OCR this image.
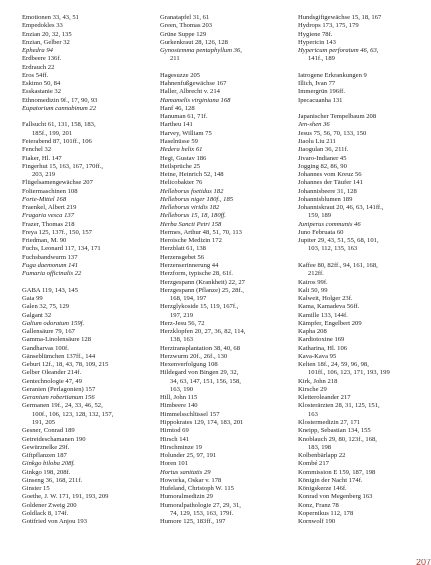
Emotionen 33, 43, 51
Empedokles 33
Enzian 20, 32, 135
Enzian, Gelber 32
Ephedra 94
Erdbeere 136f.
Erdrauch 22
Eros 54ff.
Eskimo 50, 84
Esskastanie 32
Ethnomedizin 9f., 17, 90, 93
Eupatorium cannabinum 22
Fallsucht 61, 131, 158, 183,
185f., 199, 201
Feierabend 87, 101ff., 106
Fenchel 32
Fiaker, Hl. 147
Fingerhut 15, 163, 167, 170ff.,
203, 219
Flügelsamengewächse 207
Foltermaschinen 108
Forte-Mittel 168
Fraenkel, Albert 219
Fragaria vesca 137
Frazer, Thomas 218
Freya 125, 137f., 150, 157
Friedman, M. 90
Fuchs, Leonard 117, 134, 171
Fuchsbandwurm 137
Fuga daemonum 141
Fumaria officinalis 22
GABA 119, 143, 145
Gaia 99
Galen 32, 75, 129
Galgant 32
Galium odoratum 159f.
Gallensäure 79, 167
Gamma-Linolensäure 128
Gandharvas 100f.
Gänseblümchen 137ff., 144
Geburt 12f., 18, 43, 78, 109, 215
Gelber Oleander 214f.
Gentechnologie 47, 49
Geranien (Perlagonien) 157
Geranium robertianum 156
Germanen 19f., 24, 33, 46, 52,
100f., 106, 123, 128, 132, 157,
191, 205
Gesner, Conrad 189
Getreideschamanen 190
Gewürznelke 29f.
Giftpflanzen 187
Ginkgo biloba 208f.
Ginkgo 198, 208f.
Ginseng 36, 168, 211f.
Ginster 15
Goethe, J. W. 171, 191, 193, 209
Goldener Zweig 200
Goldlack 8, 174f.
Gottfried von Anjou 193
Granatapfel 31, 61
Green, Thomas 203
Grüne Suppe 129
Gurkenkraut 28, 126, 128
Gynostemma pentaphyllum 36,
211
Hagesuzze 205
Hahnenfußgewächse 167
Haller, Albrecht v. 214
Hamamelis virginiana 168
Hanf 46, 128
Hanuman 61, 71f.
Hartheu 141
Harvey, William 75
Haselnüsse 59
Hedera helix 61
Hegi, Gustav 186
Heilsprüche 25
Heine, Heinrich 52, 148
Helicobakter 76
Helleborus foetidus 182
Helleborus niger 180f., 185
Helleborus viridis 182
Helleborus 15, 18, 180ff.
Herba Sancti Petri 158
Hermes, Arthur 48, 51, 70, 113
Heroische Medizin 172
Herzblatt 61, 138
Herzensgebet 56
Herzenserinnerung 44
Herzform, typische 28, 61f.
Herzgespann (Krankheit) 22, 27
Herzgespann (Pflanze) 25, 28f.,
168, 194, 197
Herzglykoside 15, 119, 167f.,
197, 219
Herz-Jesu 56, 72
Herzklopfen 20, 27, 36, 82, 114,
138, 163
Herztransplantation 38, 40, 68
Herzwurm 20f., 26f., 130
Hexenverfolgung 108
Hildegard von Bingen 29, 32,
34, 63, 147, 151, 156, 158,
163, 190
Hill, John 115
Himbeere 140
Himmelsschlüssel 157
Hippokrates 129, 174, 183, 201
Hirntod 69
Hirsch 141
Hirschminze 19
Holunder 25, 97, 191
Horen 101
Hortus sanitatis 29
Howorka, Oskar v. 178
Hufeland, Christoph W. 115
Humoralmedizin 29
Humoralpathologie 27, 29, 31,
74, 129, 153, 163, 179f.
Humore 125, 183ff., 197
Hundsgiftgewächse 15, 18, 167
Hydrops 173, 175, 179
Hygiene 78f.
Hypericin 143
Hypericum perforatum 46, 63,
141f., 189
Iatrogene Erkrankungen 9
Illich, Ivan 77
Immergrün 196ff.
Ipecacuanha 131
Japanischer Tempelbaum 208
Jen-shen 36
Jesus 75, 56, 70, 133, 150
Jiaolu Liu 211
Jiaogulan 36, 211f.
Jivaro-Indianer 45
Jogging 82, 86, 90
Johannes vom Kreuz 56
Johannes der Täufer 141
Johannisbeere 31, 128
Johannisblumen 189
Johanniskraut 20, 46, 63, 141ff.,
159, 189
Juniperus communis 46
Juno Februata 60
Jupiter 29, 43, 51, 55, 68, 101,
103, 112, 135, 163
Kaffee 80, 82ff., 94, 161, 168,
212ff.
Kairos 99f.
Kali 50, 99
Kalweit, Holger 23f.
Kama, Kamadeva 56ff.
Kamille 133, 144f.
Kämpfer, Engelbert 209
Kapha 208
Kardiotoxine 169
Katharina, Hl. 106
Kava-Kava 95
Kelten 18f., 24, 59, 96, 98,
101ff., 106, 123, 171, 193, 199
Kirk, John 218
Kirsche 29
Kletteroleander 217
Klosterärzten 28, 31, 125, 151,
163
Klostermedizin 27, 171
Kneipp, Sebastian 134, 155
Knoblauch 29, 80, 123f., 168,
183, 198
Kolbenbärlapp 22
Kombé 217
Kommission E 159, 187, 198
Königin der Nacht 174f.
Königskerze 146f.
Konrad von Megenberg 163
Konz, Franz 78
Kopernikus 112, 178
Kornwolf 190
207
